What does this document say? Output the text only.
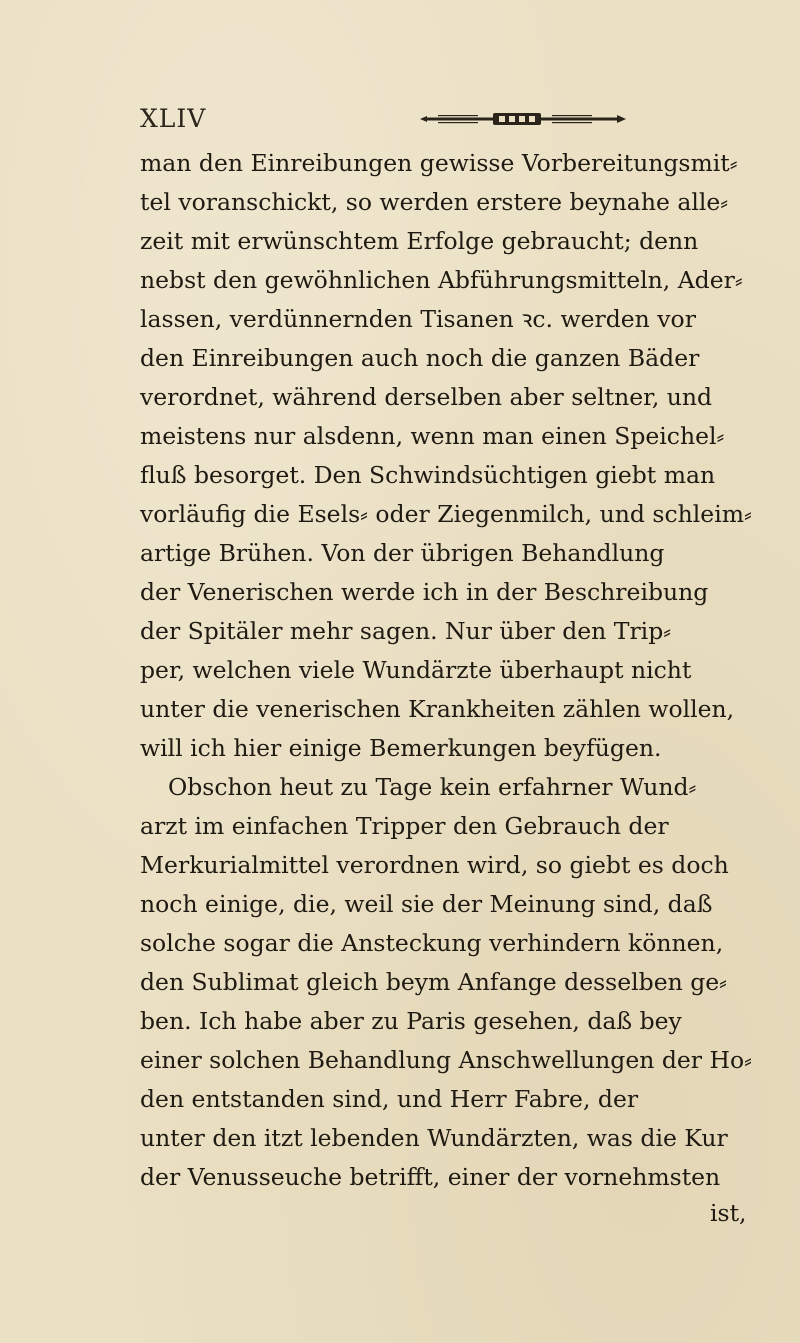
XLIV
man den Einreibungen gewisse Vorbereitungsmit⸗
tel voranschickt, so werden erstere beynahe alle⸗
zeit mit erwünschtem Erfolge gebraucht; denn
nebst den gewöhnlichen Abführungsmitteln, Ader⸗
lassen, verdünnernden Tisanen ꝛc. werden vor
den Einreibungen auch noch die ganzen Bäder
verordnet, während derselben aber seltner, und
meistens nur alsdenn, wenn man einen Speichel⸗
fluß besorget. Den Schwindsüchtigen giebt man
vorläufig die Esels⸗ oder Ziegenmilch, und schleim⸗
artige Brühen. Von der übrigen Behandlung
der Venerischen werde ich in der Beschreibung
der Spitäler mehr sagen. Nur über den Trip⸗
per, welchen viele Wundärzte überhaupt nicht
unter die venerischen Krankheiten zählen wollen,
will ich hier einige Bemerkungen beyfügen.
Obschon heut zu Tage kein erfahrner Wund⸗
arzt im einfachen Tripper den Gebrauch der
Merkurialmittel verordnen wird, so giebt es doch
noch einige, die, weil sie der Meinung sind, daß
solche sogar die Ansteckung verhindern können,
den Sublimat gleich beym Anfange desselben ge⸗
ben. Ich habe aber zu Paris gesehen, daß bey
einer solchen Behandlung Anschwellungen der Ho⸗
den entstanden sind, und Herr Fabre, der
unter den itzt lebenden Wundärzten, was die Kur
der Venusseuche betrifft, einer der vornehmsten
ist,
